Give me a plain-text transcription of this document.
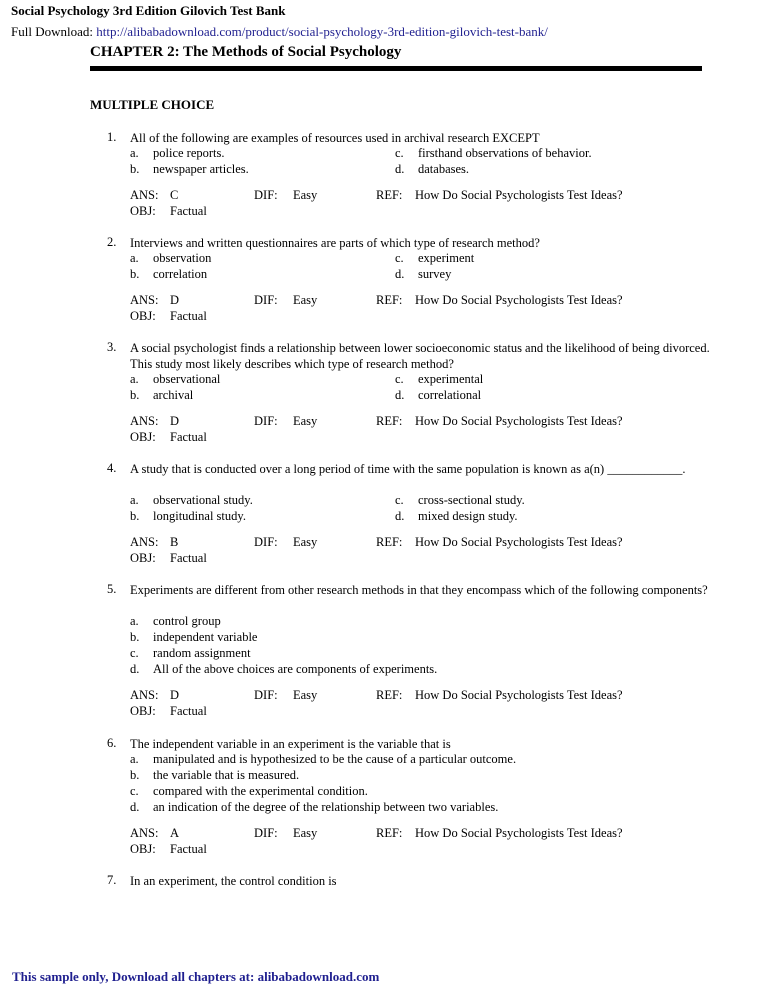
Social Psychology 3rd Edition Gilovich Test Bank
Full Download: http://alibabadownload.com/product/social-psychology-3rd-edition-gilovich-test-bank/
CHAPTER 2: The Methods of Social Psychology
MULTIPLE CHOICE
1. All of the following are examples of resources used in archival research EXCEPT
a.	police reports.
b.	newspaper articles.
c.	firsthand observations of behavior.
d.	databases.
ANS: C	DIF: Easy	REF: How Do Social Psychologists Test Ideas?
OBJ: Factual
2. Interviews and written questionnaires are parts of which type of research method?
a.	observation
b.	correlation
c.	experiment
d.	survey
ANS: D	DIF: Easy	REF: How Do Social Psychologists Test Ideas?
OBJ: Factual
3. A social psychologist finds a relationship between lower socioeconomic status and the likelihood of being divorced. This study most likely describes which type of research method?
a.	observational
b.	archival
c.	experimental
d.	correlational
ANS: D	DIF: Easy	REF: How Do Social Psychologists Test Ideas?
OBJ: Factual
4. A study that is conducted over a long period of time with the same population is known as a(n) ____________.
a.	observational study.
b.	longitudinal study.
c.	cross-sectional study.
d.	mixed design study.
ANS: B	DIF: Easy	REF: How Do Social Psychologists Test Ideas?
OBJ: Factual
5. Experiments are different from other research methods in that they encompass which of the following components?
a.	control group
b.	independent variable
c.	random assignment
d.	All of the above choices are components of experiments.
ANS: D	DIF: Easy	REF: How Do Social Psychologists Test Ideas?
OBJ: Factual
6. The independent variable in an experiment is the variable that is
a.	manipulated and is hypothesized to be the cause of a particular outcome.
b.	the variable that is measured.
c.	compared with the experimental condition.
d.	an indication of the degree of the relationship between two variables.
ANS: A	DIF: Easy	REF: How Do Social Psychologists Test Ideas?
OBJ: Factual
7. In an experiment, the control condition is
This sample only, Download all chapters at: alibabadownload.com
